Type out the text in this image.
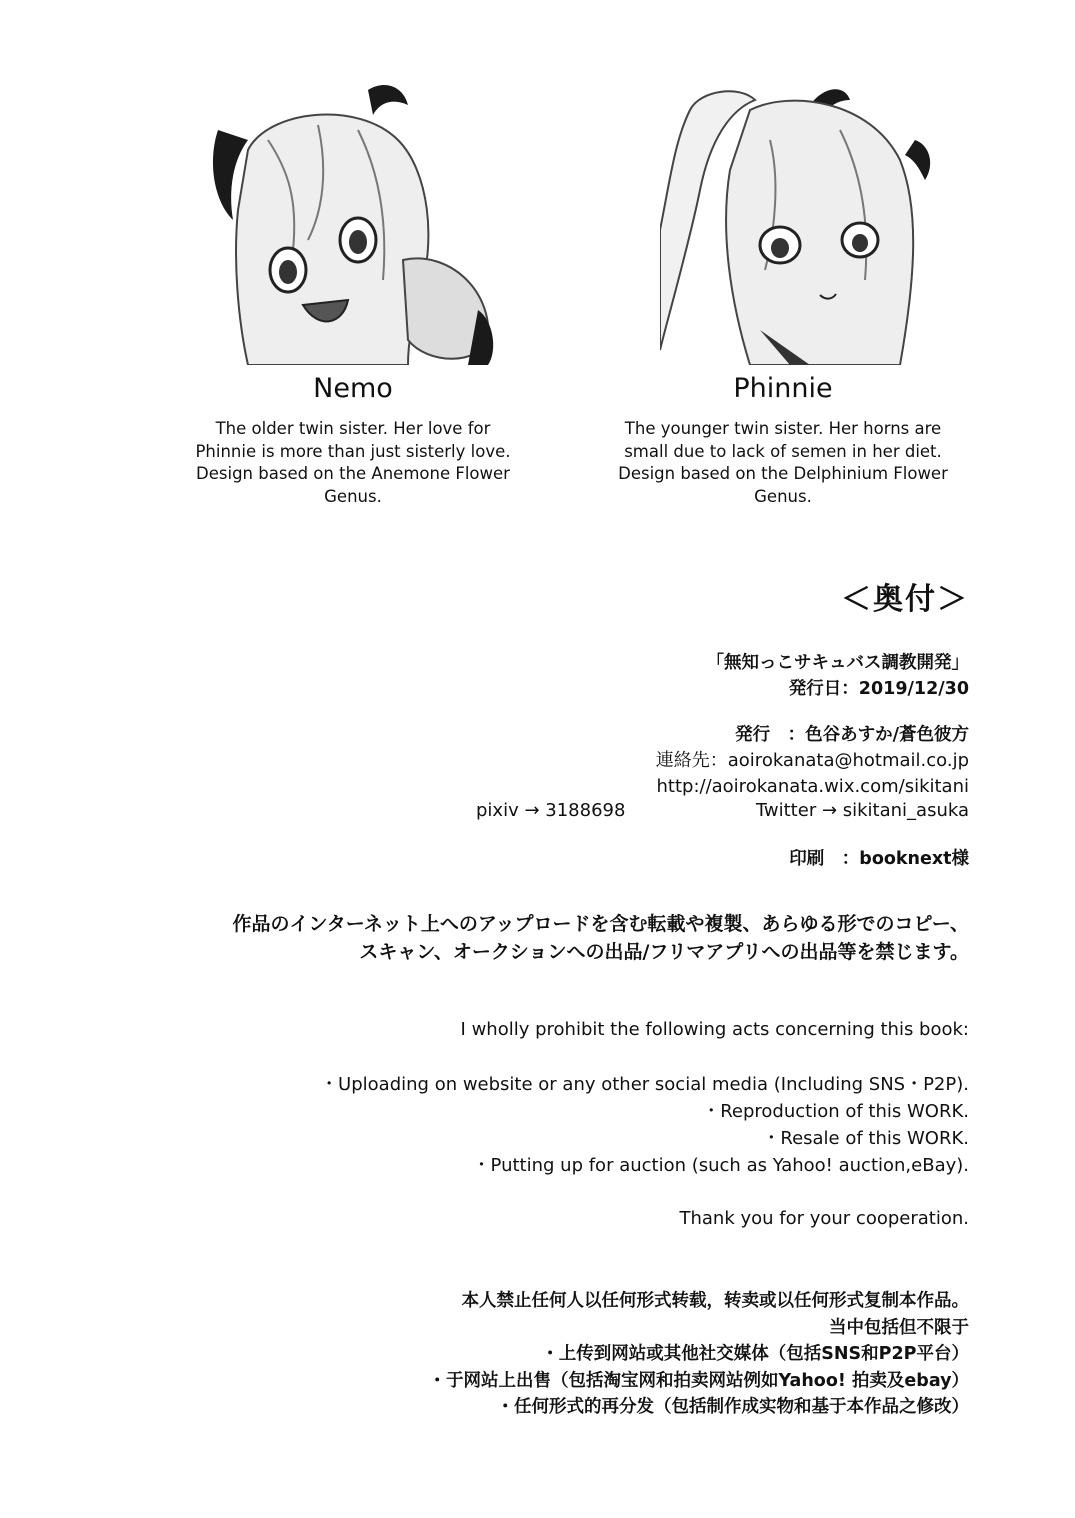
Nemo
The older twin sister. Her love for
Phinnie is more than just sisterly love.
Design based on the Anemone Flower
Genus.
Phinnie
The younger twin sister. Her horns are
small due to lack of semen in her diet.
Design based on the Delphinium Flower
Genus.
＜奥付＞
「無知っこサキュバス調教開発」
発行日：2019/12/30
発行　：色谷あすか/蒼色彼方
連絡先：aoirokanata@hotmail.co.jp
http://aoirokanata.wix.com/sikitani
pixiv → 3188698	Twitter → sikitani_asuka
印刷　：booknext様
作品のインターネット上へのアップロードを含む転載や複製、あらゆる形でのコピー、
スキャン、オークションへの出品/フリマアプリへの出品等を禁じます。
I wholly prohibit the following acts concerning this book:
・Uploading on website or any other social media (Including SNS・P2P).
・Reproduction of this WORK.
・Resale of this WORK.
・Putting up for auction (such as Yahoo! auction,eBay).
Thank you for your cooperation.
本人禁止任何人以任何形式转载，转卖或以任何形式复制本作品。
当中包括但不限于
・上传到网站或其他社交媒体（包括SNS和P2P平台）
・于网站上出售（包括淘宝网和拍卖网站例如Yahoo! 拍卖及ebay）
・任何形式的再分发（包括制作成实物和基于本作品之修改）
